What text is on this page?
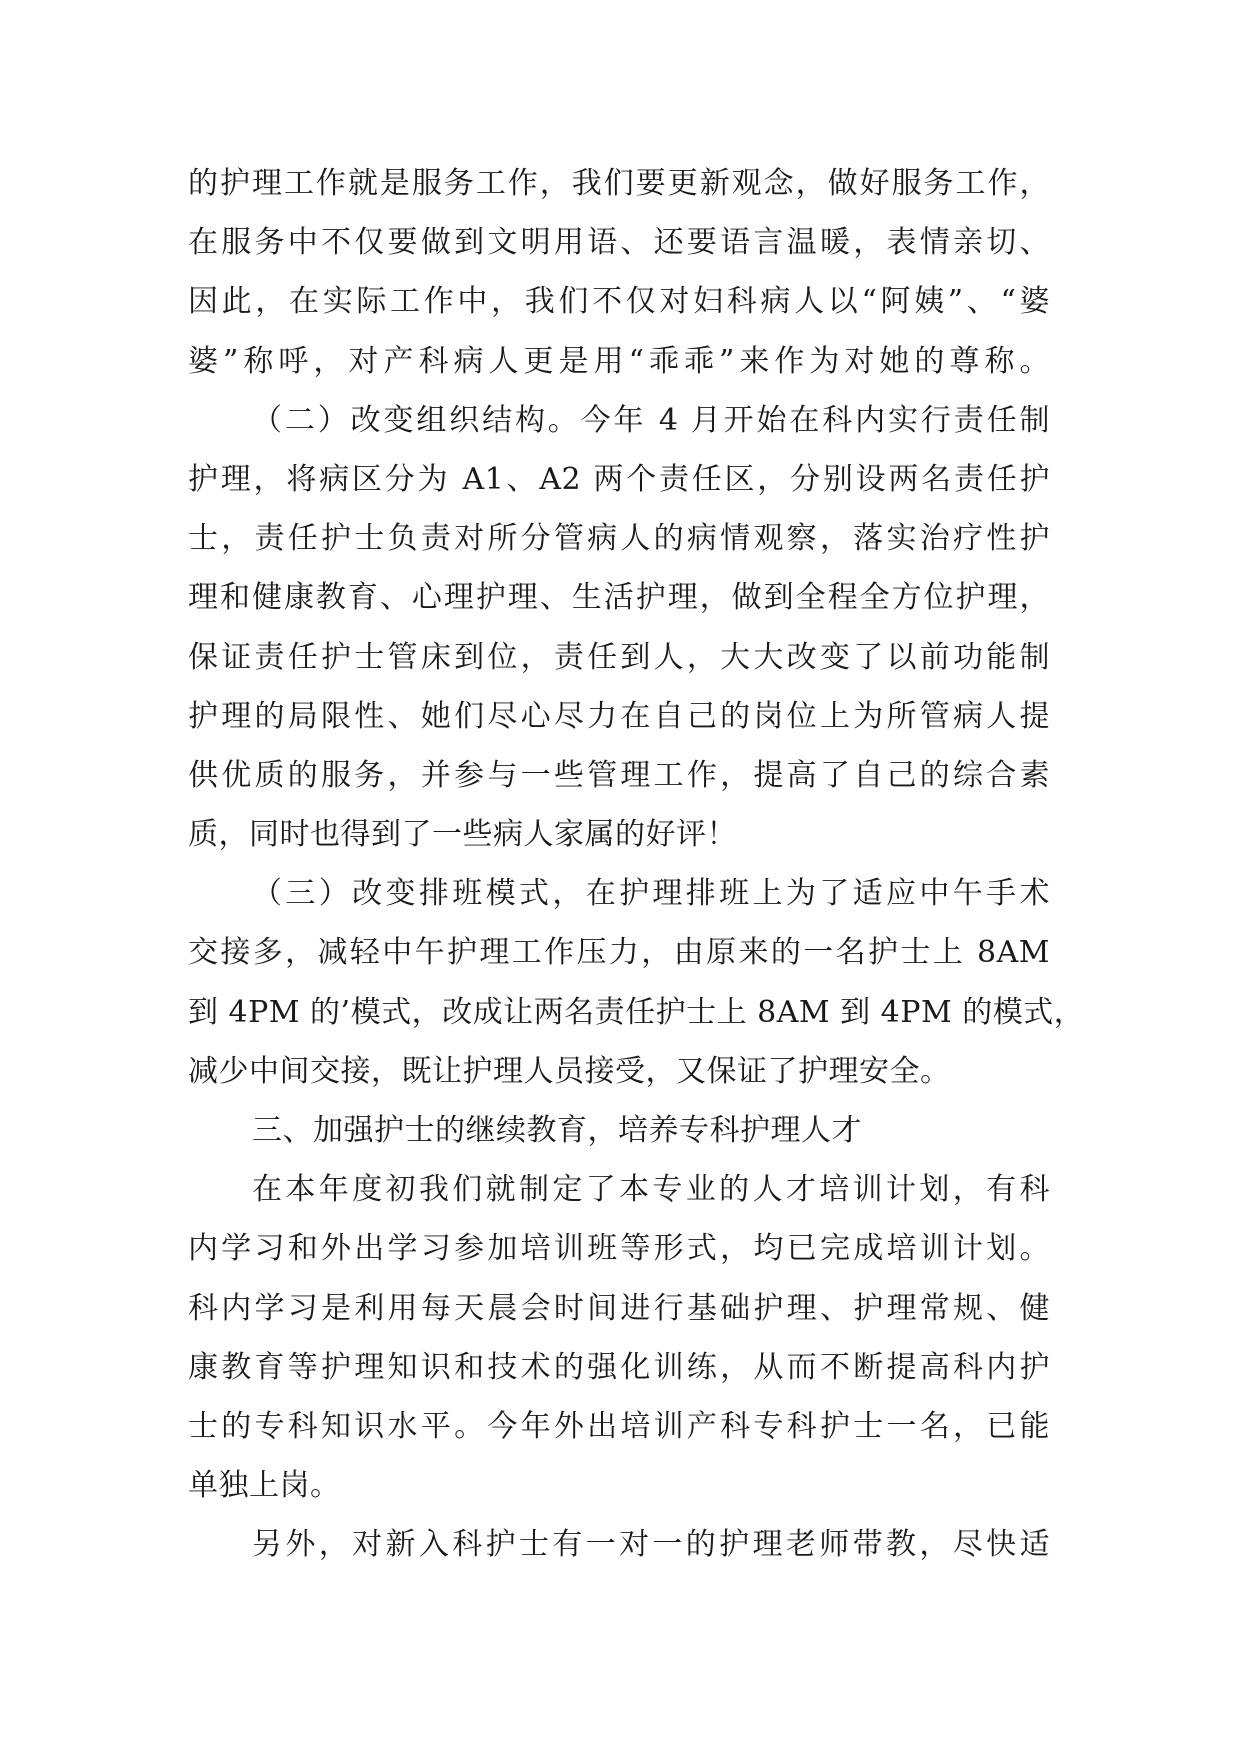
的护理工作就是服务工作，我们要更新观念，做好服务工作，
在服务中不仅要做到文明用语、还要语言温暖，表情亲切、
因此，在实际工作中，我们不仅对妇科病人以“阿姨”、“婆
婆”称呼，对产科病人更是用“乖乖”来作为对她的尊称。
（二）改变组织结构。今年 4 月开始在科内实行责任制
护理，将病区分为 A1、A2 两个责任区，分别设两名责任护
士，责任护士负责对所分管病人的病情观察，落实治疗性护
理和健康教育、心理护理、生活护理，做到全程全方位护理，
保证责任护士管床到位，责任到人，大大改变了以前功能制
护理的局限性、她们尽心尽力在自己的岗位上为所管病人提
供优质的服务，并参与一些管理工作，提高了自己的综合素
质，同时也得到了一些病人家属的好评！
（三）改变排班模式，在护理排班上为了适应中午手术
交接多，减轻中午护理工作压力，由原来的一名护士上 8AM
到 4PM 的’模式，改成让两名责任护士上 8AM 到 4PM 的模式，
减少中间交接，既让护理人员接受，又保证了护理安全。
三、加强护士的继续教育，培养专科护理人才
在本年度初我们就制定了本专业的人才培训计划，有科
内学习和外出学习参加培训班等形式，均已完成培训计划。
科内学习是利用每天晨会时间进行基础护理、护理常规、健
康教育等护理知识和技术的强化训练，从而不断提高科内护
士的专科知识水平。今年外出培训产科专科护士一名，已能
单独上岗。
另外，对新入科护士有一对一的护理老师带教，尽快适
